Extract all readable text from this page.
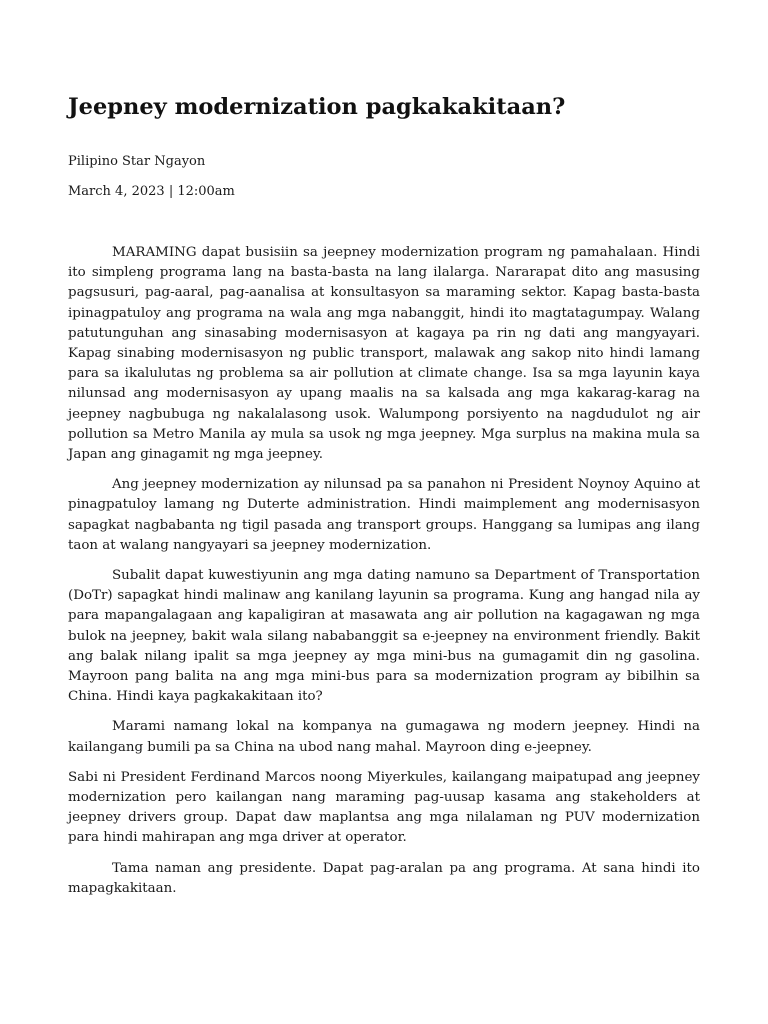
Jeepney modernization pagkakakitaan?
Pilipino Star Ngayon
March 4, 2023 | 12:00am

MARAMING dapat busisiin sa jeepney modernization program ng pamahalaan. Hindi ito simpleng programa lang na basta-basta na lang ilalarga. Nararapat dito ang masusing pagsusuri, pag-aaral, pag-aanalisa at konsultasyon sa maraming sektor. Kapag basta-basta ipinagpatuloy ang programa na wala ang mga nabanggit, hindi ito magtatagumpay. Walang patutunguhan ang sinasabing modernisasyon at kagaya pa rin ng dati ang mangyayari. Kapag sinabing modernisasyon ng public transport, malawak ang sakop nito hindi lamang para sa ikalulutas ng problema sa air pollution at climate change. Isa sa mga layunin kaya nilunsad ang modernisasyon ay upang maalis na sa kalsada ang mga kakarag-karag na jeepney nagbubuga ng nakalalasong usok. Walumpong porsiyento na nagdudulot ng air pollution sa Metro Manila ay mula sa usok ng mga jeepney. Mga surplus na makina mula sa Japan ang ginagamit ng mga jeepney.

Ang jeepney modernization ay nilunsad pa sa panahon ni President Noynoy Aquino at pinagpatuloy lamang ng Duterte administration. Hindi maimplement ang modernisasyon sapagkat nagbabanta ng tigil pasada ang transport groups. Hanggang sa lumipas ang ilang taon at walang nangyayari sa jeepney modernization.

Subalit dapat kuwestiyunin ang mga dating namuno sa Department of Transportation (DoTr) sapagkat hindi malinaw ang kanilang layunin sa programa. Kung ang hangad nila ay para mapangalagaan ang kapaligiran at masawata ang air pollution na kagagawan ng mga bulok na jeepney, bakit wala silang nababanggit sa e-jeepney na environment friendly. Bakit ang balak nilang ipalit sa mga jeepney ay mga mini-bus na gumagamit din ng gasolina. Mayroon pang balita na ang mga mini-bus para sa modernization program ay bibilhin sa China. Hindi kaya pagkakakitaan ito?

Marami namang lokal na kompanya na gumagawa ng modern jeepney. Hindi na kailangang bumili pa sa China na ubod nang mahal. Mayroon ding e-jeepney.

Sabi ni President Ferdinand Marcos noong Miyerkules, kailangang maipatupad ang jeepney modernization pero kailangan nang maraming pag-uusap kasama ang stakeholders at jeepney drivers group. Dapat daw maplantsa ang mga nilalaman ng PUV modernization para hindi mahirapan ang mga driver at operator.

Tama naman ang presidente. Dapat pag-aralan pa ang programa. At sana hindi ito mapagkakitaan.
